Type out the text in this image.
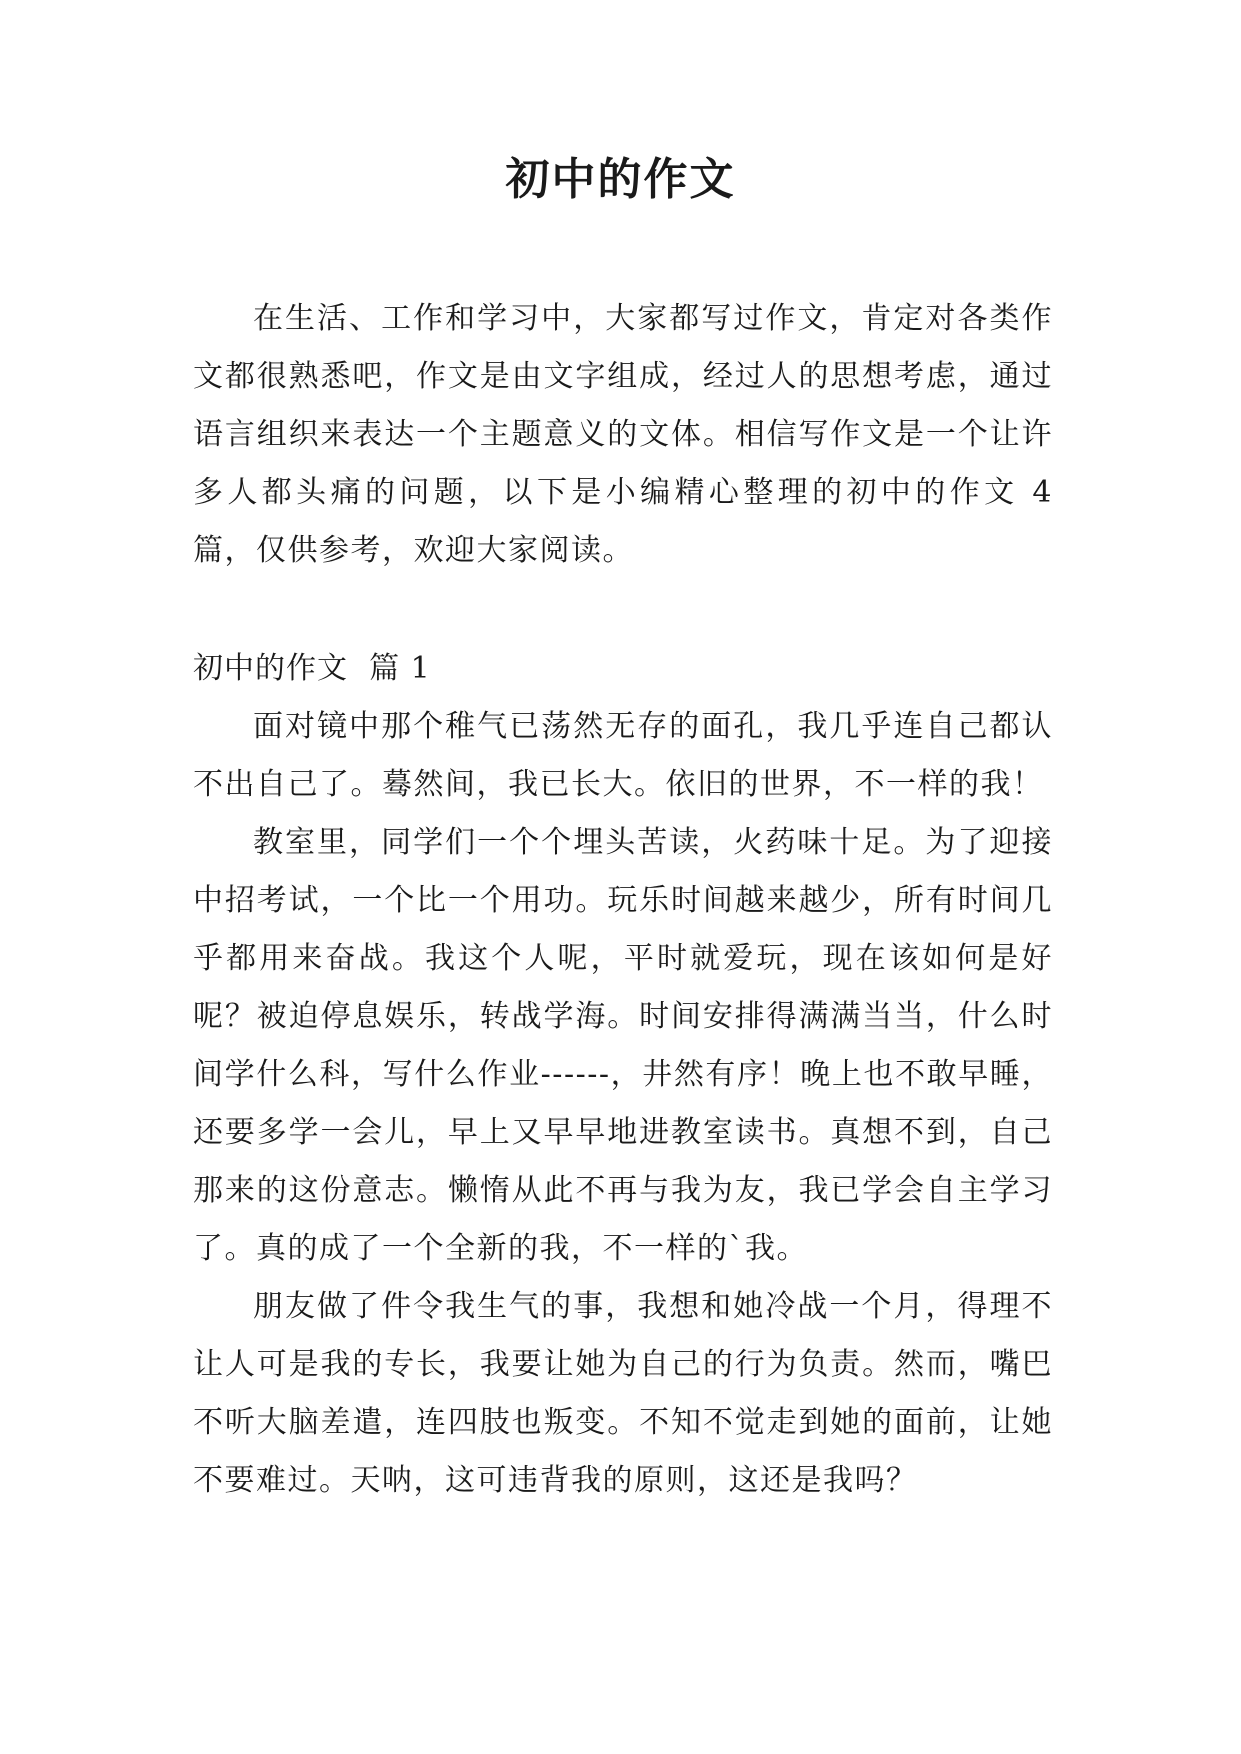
初中的作文

在生活、工作和学习中，大家都写过作文，肯定对各类作文都很熟悉吧，作文是由文字组成，经过人的思想考虑，通过语言组织来表达一个主题意义的文体。相信写作文是一个让许多人都头痛的问题，以下是小编精心整理的初中的作文 4 篇，仅供参考，欢迎大家阅读。

初中的作文  篇 1

面对镜中那个稚气已荡然无存的面孔，我几乎连自己都认不出自己了。蓦然间，我已长大。依旧的世界，不一样的我！

教室里，同学们一个个埋头苦读，火药味十足。为了迎接中招考试，一个比一个用功。玩乐时间越来越少，所有时间几乎都用来奋战。我这个人呢，平时就爱玩，现在该如何是好呢？被迫停息娱乐，转战学海。时间安排得满满当当，什么时间学什么科，写什么作业------，井然有序！晚上也不敢早睡，还要多学一会儿，早上又早早地进教室读书。真想不到，自己那来的这份意志。懒惰从此不再与我为友，我已学会自主学习了。真的成了一个全新的我，不一样的`我。

朋友做了件令我生气的事，我想和她冷战一个月，得理不让人可是我的专长，我要让她为自己的行为负责。然而，嘴巴不听大脑差遣，连四肢也叛变。不知不觉走到她的面前，让她不要难过。天呐，这可违背我的原则，这还是我吗？
